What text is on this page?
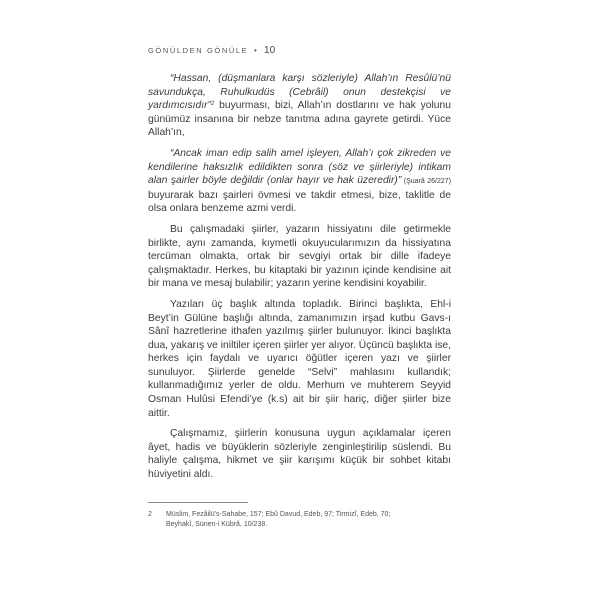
GÖNÜLDEN GÖNÜLE • 10

“Hassan, (düşmanlara karşı sözleriyle) Allah’ın Resûlü’nü savundukça, Ruhulkudüs (Cebrâil) onun destekçisi ve yardımcısıdır”$^2$ buyurması, bizi, Allah’ın dostlarını ve hak yolunu günümüz insanına bir nebze tanıtma adına gayrete getirdi. Yüce Allah’ın,

“Ancak iman edip salih amel işleyen, Allah’ı çok zikreden ve kendilerine haksızlık edildikten sonra (söz ve şiirleriyle) intikam alan şairler böyle değildir (onlar hayır ve hak üzeredir)” (Şuarâ 26/227) buyurarak bazı şairleri övmesi ve takdir etmesi, bize, taklitle de olsa onlara benzeme azmi verdi.

Bu çalışmadaki şiirler, yazarın hissiyatını dile getirmekle birlikte, aynı zamanda, kıymetli okuyucularımızın da hissiyatına tercüman olmakta, ortak bir sevgiyi ortak bir dille ifadeye çalışmaktadır. Herkes, bu kitaptaki bir yazının içinde kendisine ait bir mana ve mesaj bulabilir; yazarın yerine kendisini koyabilir.

Yazıları üç başlık altında topladık. Birinci başlıkta, Ehl-i Beyt’in Gülüne başlığı altında, zamanımızın irşad kutbu Gavs-ı Sânî hazretlerine ithafen yazılmış şiirler bulunuyor. İkinci başlıkta dua, yakarış ve iniltiler içeren şiirler yer alıyor. Üçüncü başlıkta ise, herkes için faydalı ve uyarıcı öğütler içeren yazı ve şiirler sunuluyor. Şiirlerde genelde “Selvi” mahlasını kullandık; kullanmadığımız yerler de oldu. Merhum ve muhterem Seyyid Osman Hulûsi Efendi’ye (k.s) ait bir şiir hariç, diğer şiirler bize aittir.

Çalışmamız, şiirlerin konusuna uygun açıklamalar içeren âyet, hadis ve büyüklerin sözleriyle zenginleştirilip süslendi. Bu haliyle çalışma, hikmet ve şiir karışımı küçük bir sohbet kitabı hüviyetini aldı.

2 Müslim, Fezâilü’s-Sahabe, 157; Ebû Davud, Edeb, 97; Tirmizî, Edeb, 70;
Beyhakî, Sünen-i Kübrâ, 10/238.
